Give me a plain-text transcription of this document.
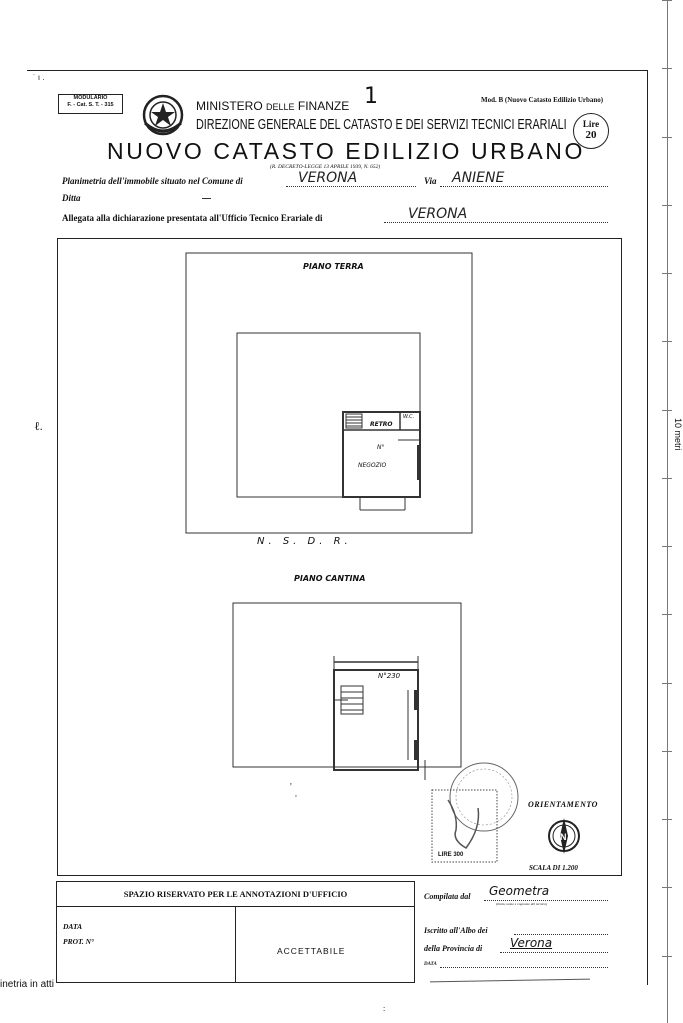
˙ ı .
ℓ.
MODULARIO
F. - Cat. S. T. - 315	MINISTERO DELLE FINANZE 1
DIREZIONE GENERALE DEL CATASTO E DEI SERVIZI TECNICI ERARIALI
Mod. B (Nuovo Catasto Edilizio Urbano)
Lire
20
NUOVO CATASTO EDILIZIO URBANO
(R. DECRETO-LEGGE 13 APRILE 1939, N. 652)
Planimetria dell'immobile situato nel Comune di	VERONA	Via ANIENE
Ditta
Allegata alla dichiarazione presentata all'Ufficio Tecnico Erariale di	VERONA
N
'
,
PIANO TERRA
RETRO
W.C.
N°
NEGOZIO
N. S. D. R.
PIANO CANTINA
N°230
ORIENTAMENTO
SCALA DI 1.200
LIRE 300
SPAZIO RISERVATO PER LE ANNOTAZIONI D'UFFICIO
DATA
PROT. N°
ACCETTABILE
Compilata dal Geometra
(titolo, nome e cognome del tecnico)
Iscritto all'Albo dei
della Provincia di Verona
DATA
10 metri
inetria in atti
:
